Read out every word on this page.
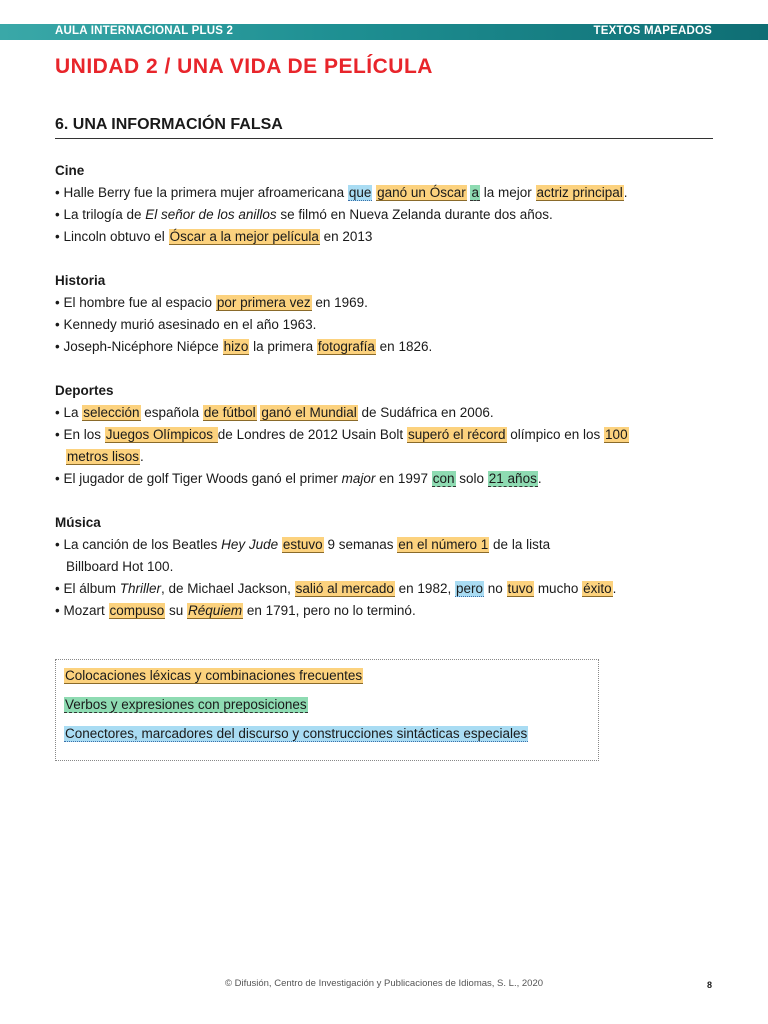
AULA INTERNACIONAL PLUS 2	TEXTOS MAPEADOS
UNIDAD 2 / UNA VIDA DE PELÍCULA
6. UNA INFORMACIÓN FALSA

Cine

• Halle Berry fue la primera mujer afroamericana que ganó un Óscar a la mejor actriz principal.

• La trilogía de El señor de los anillos se filmó en Nueva Zelanda durante dos años.

• Lincoln obtuvo el Óscar a la mejor película en 2013

Historia

• El hombre fue al espacio por primera vez en 1969.

• Kennedy murió asesinado en el año 1963.

• Joseph-Nicéphore Niépce hizo la primera fotografía en 1826.

Deportes

• La selección española de fútbol ganó el Mundial de Sudáfrica en 2006.

• En los Juegos Olímpicos de Londres de 2012 Usain Bolt superó el récord olímpico en los 100

metros lisos.

• El jugador de golf Tiger Woods ganó el primer major en 1997 con solo 21 años.

Música

• La canción de los Beatles Hey Jude estuvo 9 semanas en el número 1 de la lista

Billboard Hot 100.

• El álbum Thriller, de Michael Jackson, salió al mercado en 1982, pero no tuvo mucho éxito.

• Mozart compuso su Réquiem en 1791, pero no lo terminó.

Colocaciones léxicas y combinaciones frecuentes
Verbos y expresiones con preposiciones
Conectores, marcadores del discurso y construcciones sintácticas especiales
© Difusión, Centro de Investigación y Publicaciones de Idiomas, S. L., 2020	8
